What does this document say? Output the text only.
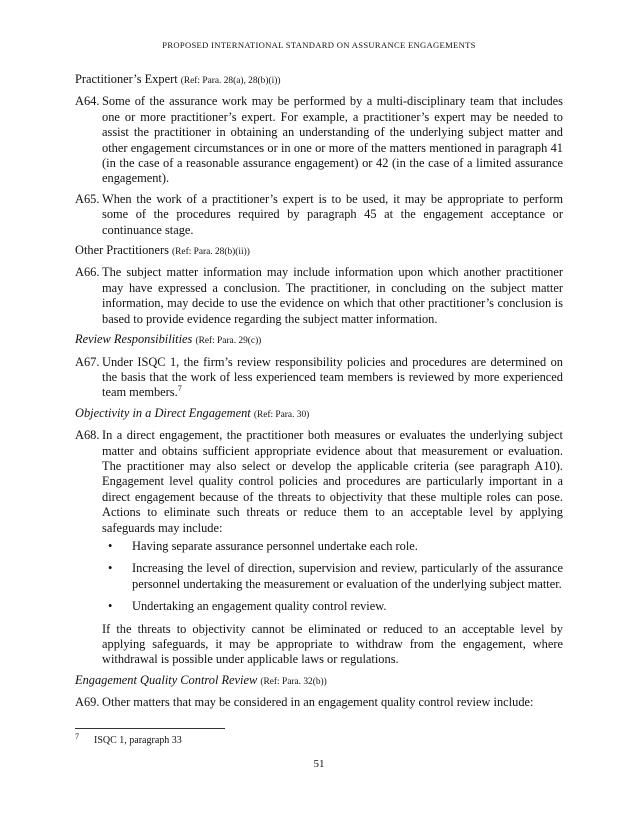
PROPOSED INTERNATIONAL STANDARD ON ASSURANCE ENGAGEMENTS
Practitioner’s Expert (Ref: Para. 28(a), 28(b)(i))
A64. Some of the assurance work may be performed by a multi-disciplinary team that includes one or more practitioner’s expert. For example, a practitioner’s expert may be needed to assist the practitioner in obtaining an understanding of the underlying subject matter and other engagement circumstances or in one or more of the matters mentioned in paragraph 41 (in the case of a reasonable assurance engagement) or 42 (in the case of a limited assurance engagement).
A65. When the work of a practitioner’s expert is to be used, it may be appropriate to perform some of the procedures required by paragraph 45 at the engagement acceptance or continuance stage.
Other Practitioners (Ref: Para. 28(b)(ii))
A66. The subject matter information may include information upon which another practitioner may have expressed a conclusion. The practitioner, in concluding on the subject matter information, may decide to use the evidence on which that other practitioner’s conclusion is based to provide evidence regarding the subject matter information.
Review Responsibilities (Ref: Para. 29(c))
A67. Under ISQC 1, the firm’s review responsibility policies and procedures are determined on the basis that the work of less experienced team members is reviewed by more experienced team members.$^7$
Objectivity in a Direct Engagement (Ref: Para. 30)
A68. In a direct engagement, the practitioner both measures or evaluates the underlying subject matter and obtains sufficient appropriate evidence about that measurement or evaluation. The practitioner may also select or develop the applicable criteria (see paragraph A10). Engagement level quality control policies and procedures are particularly important in a direct engagement because of the threats to objectivity that these multiple roles can pose. Actions to eliminate such threats or reduce them to an acceptable level by applying safeguards may include:
• Having separate assurance personnel undertake each role.
• Increasing the level of direction, supervision and review, particularly of the assurance personnel undertaking the measurement or evaluation of the underlying subject matter.
• Undertaking an engagement quality control review.
If the threats to objectivity cannot be eliminated or reduced to an acceptable level by applying safeguards, it may be appropriate to withdraw from the engagement, where withdrawal is possible under applicable laws or regulations.
Engagement Quality Control Review (Ref: Para. 32(b))
A69. Other matters that may be considered in an engagement quality control review include:
7 ISQC 1, paragraph 33
51
